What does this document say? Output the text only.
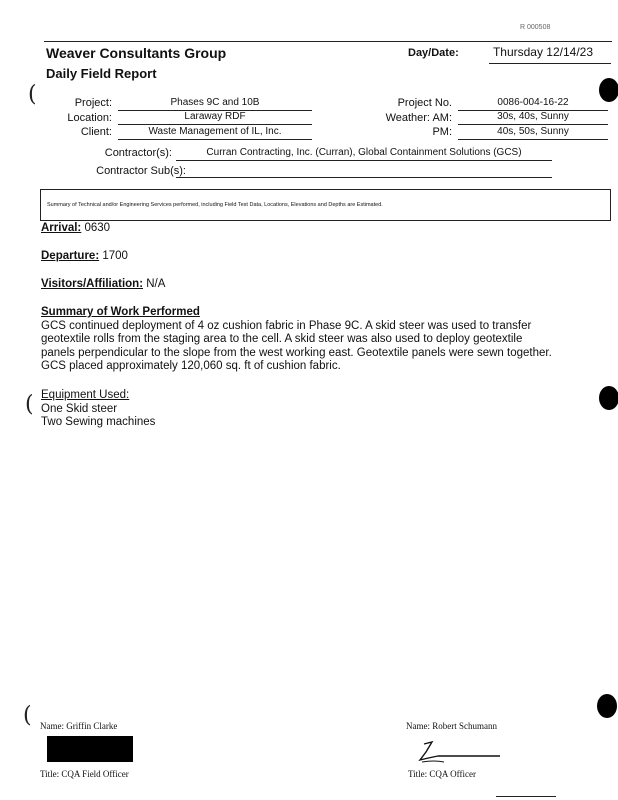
R 000508
Weaver Consultants Group
Daily Field Report
Day/Date:	Thursday 12/14/23
Project:
Location:
Client:
Phases 9C and 10B
Laraway RDF
Waste Management of IL, Inc.
Project No.
Weather: AM:
PM:
0086-004-16-22
30s, 40s, Sunny
40s, 50s, Sunny
Contractor(s):	Curran Contracting, Inc. (Curran), Global Containment Solutions (GCS)
Contractor Sub(s):
Summary of Technical and/or Engineering Services performed, including Field Test Data, Locations, Elevations and Depths are Estimated.
Arrival: 0630
Departure: 1700
Visitors/Affiliation: N/A
Summary of Work Performed
GCS continued deployment of 4 oz cushion fabric in Phase 9C. A skid steer was used to transfer
geotextile rolls from the staging area to the cell. A skid steer was also used to deploy geotextile
panels perpendicular to the slope from the west working east. Geotextile panels were sewn together.
GCS placed approximately 120,060 sq. ft of cushion fabric.
Equipment Used:
One Skid steer
Two Sewing machines
(
(
( Name: Griffin Clarke
Title: CQA Field Officer
Name: Robert Schumann
Title: CQA Officer
